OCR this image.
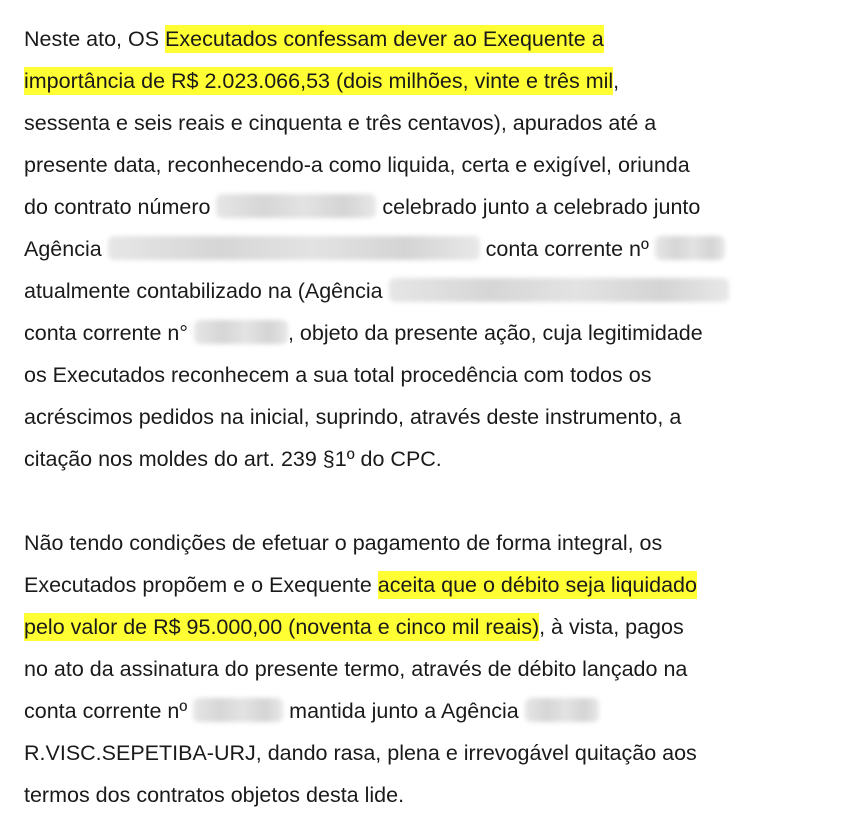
Neste ato, OS Executados confessam dever ao Exequente a
importância de R$ 2.023.066,53 (dois milhões, vinte e três mil,
sessenta e seis reais e cinquenta e três centavos), apurados até a
presente data, reconhecendo-a como liquida, certa e exigível, oriunda
do contrato número	celebrado junto a celebrado junto
Agência	conta corrente nº
atualmente contabilizado na (Agência
conta corrente n°	, objeto da presente ação, cuja legitimidade
os Executados reconhecem a sua total procedência com todos os
acréscimos pedidos na inicial, suprindo, através deste instrumento, a
citação nos moldes do art. 239 §1º do CPC.

Não tendo condições de efetuar o pagamento de forma integral, os
Executados propõem e o Exequente aceita que o débito seja liquidado
pelo valor de R$ 95.000,00 (noventa e cinco mil reais), à vista, pagos
no ato da assinatura do presente termo, através de débito lançado na
conta corrente nº	mantida junto a Agência
R.VISC.SEPETIBA-URJ, dando rasa, plena e irrevogável quitação aos
termos dos contratos objetos desta lide.
